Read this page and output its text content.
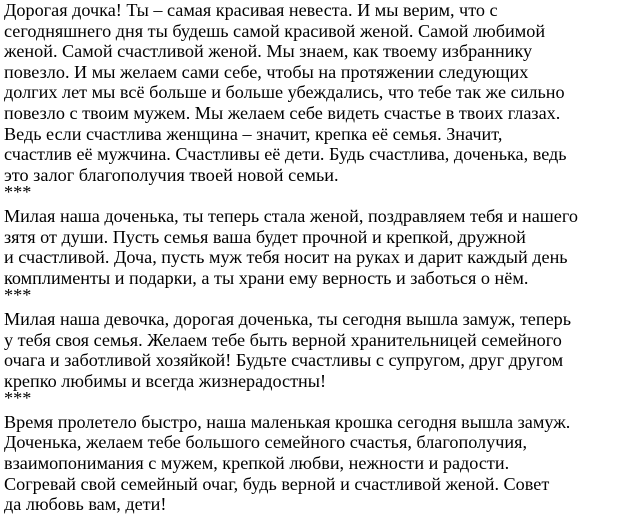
Дорогая дочка! Ты – самая красивая невеста. И мы верим, что с
сегодняшнего дня ты будешь самой красивой женой. Самой любимой
женой. Самой счастливой женой. Мы знаем, как твоему избраннику
повезло. И мы желаем сами себе, чтобы на протяжении следующих
долгих лет мы всё больше и больше убеждались, что тебе так же сильно
повезло с твоим мужем. Мы желаем себе видеть счастье в твоих глазах.
Ведь если счастлива женщина – значит, крепка её семья. Значит,
счастлив её мужчина. Счастливы её дети. Будь счастлива, доченька, ведь
это залог благополучия твоей новой семьи.
***
Милая наша доченька, ты теперь стала женой, поздравляем тебя и нашего
зятя от души. Пусть семья ваша будет прочной и крепкой, дружной
и счастливой. Доча, пусть муж тебя носит на руках и дарит каждый день
комплименты и подарки, а ты храни ему верность и заботься о нём.
***
Милая наша девочка, дорогая доченька, ты сегодня вышла замуж, теперь
у тебя своя семья. Желаем тебе быть верной хранительницей семейного
очага и заботливой хозяйкой! Будьте счастливы с супругом, друг другом
крепко любимы и всегда жизнерадостны!
***
Время пролетело быстро, наша маленькая крошка сегодня вышла замуж.
Доченька, желаем тебе большого семейного счастья, благополучия,
взаимопонимания с мужем, крепкой любви, нежности и радости.
Согревай свой семейный очаг, будь верной и счастливой женой. Совет
да любовь вам, дети!
